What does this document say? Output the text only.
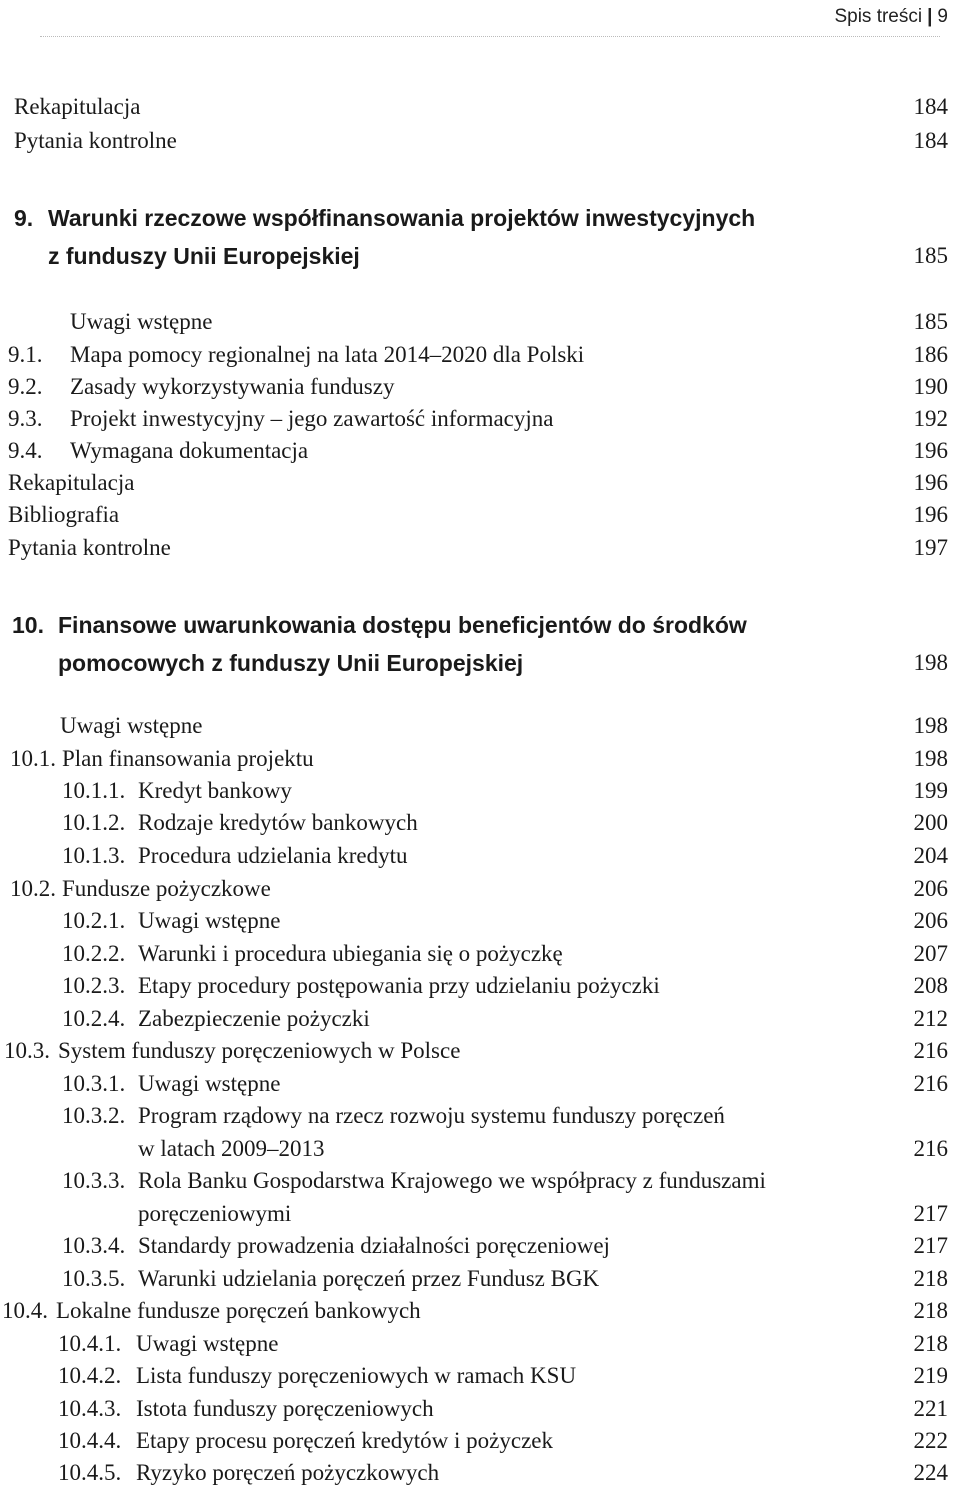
Spis treści | 9
Rekapitulacja	184
Pytania kontrolne	184
9. Warunki rzeczowe współfinansowania projektów inwestycyjnych
z funduszy Unii Europejskiej	185
Uwagi wstępne	185
9.1. Mapa pomocy regionalnej na lata 2014–2020 dla Polski	186
9.2. Zasady wykorzystywania funduszy	190
9.3. Projekt inwestycyjny – jego zawartość informacyjna	192
9.4. Wymagana dokumentacja	196
Rekapitulacja	196
Bibliografia	196
Pytania kontrolne	197
10. Finansowe uwarunkowania dostępu beneficjentów do środków
pomocowych z funduszy Unii Europejskiej	198
Uwagi wstępne	198
10.1. Plan finansowania projektu	198
10.1.1. Kredyt bankowy	199
10.1.2. Rodzaje kredytów bankowych	200
10.1.3. Procedura udzielania kredytu	204
10.2. Fundusze pożyczkowe	206
10.2.1. Uwagi wstępne	206
10.2.2. Warunki i procedura ubiegania się o pożyczkę	207
10.2.3. Etapy procedury postępowania przy udzielaniu pożyczki	208
10.2.4. Zabezpieczenie pożyczki	212
10.3. System funduszy poręczeniowych w Polsce	216
10.3.1. Uwagi wstępne	216
10.3.2. Program rządowy na rzecz rozwoju systemu funduszy poręczeń
w latach 2009–2013	216
10.3.3. Rola Banku Gospodarstwa Krajowego we współpracy z funduszami
poręczeniowymi	217
10.3.4. Standardy prowadzenia działalności poręczeniowej	217
10.3.5. Warunki udzielania poręczeń przez Fundusz BGK	218
10.4. Lokalne fundusze poręczeń bankowych	218
10.4.1. Uwagi wstępne	218
10.4.2. Lista funduszy poręczeniowych w ramach KSU	219
10.4.3. Istota funduszy poręczeniowych	221
10.4.4. Etapy procesu poręczeń kredytów i pożyczek	222
10.4.5. Ryzyko poręczeń pożyczkowych	224
